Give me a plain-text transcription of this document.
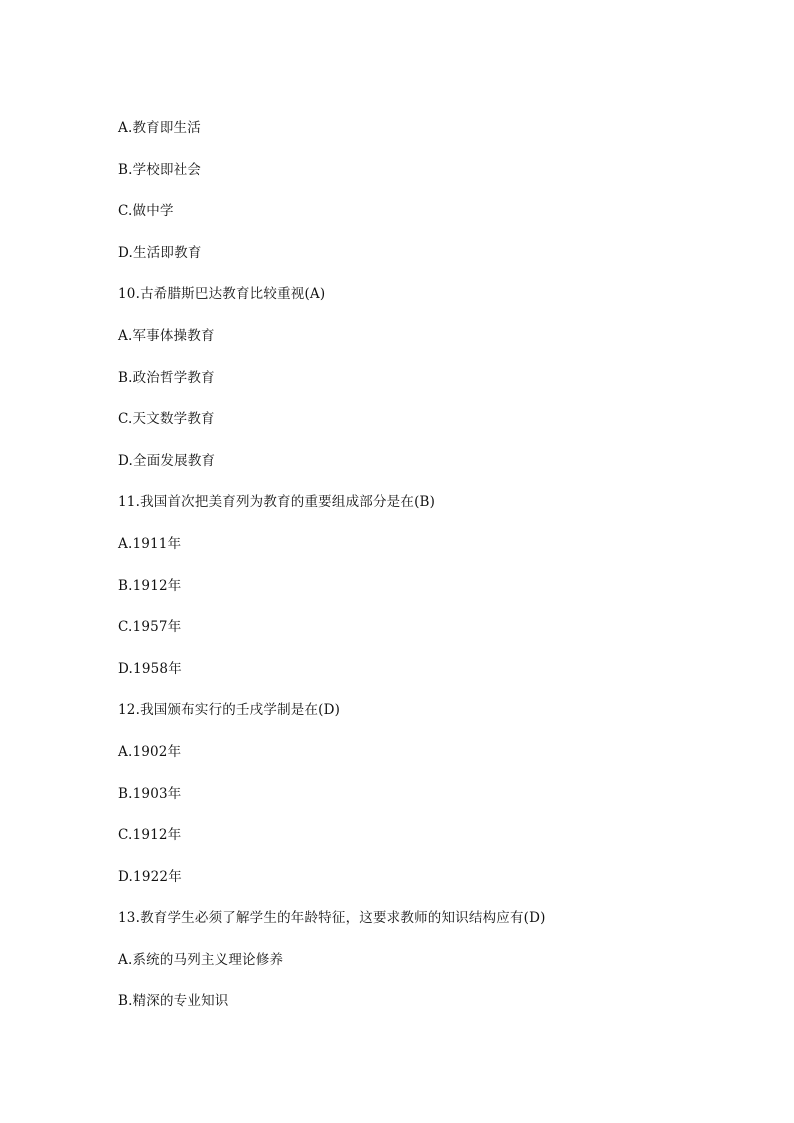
A.教育即生活
B.学校即社会
C.做中学
D.生活即教育
10.古希腊斯巴达教育比较重视(A)
A.军事体操教育
B.政治哲学教育
C.天文数学教育
D.全面发展教育
11.我国首次把美育列为教育的重要组成部分是在(B)
A.1911年
B.1912年
C.1957年
D.1958年
12.我国颁布实行的壬戌学制是在(D)
A.1902年
B.1903年
C.1912年
D.1922年
13.教育学生必须了解学生的年龄特征，这要求教师的知识结构应有(D)
A.系统的马列主义理论修养
B.精深的专业知识
